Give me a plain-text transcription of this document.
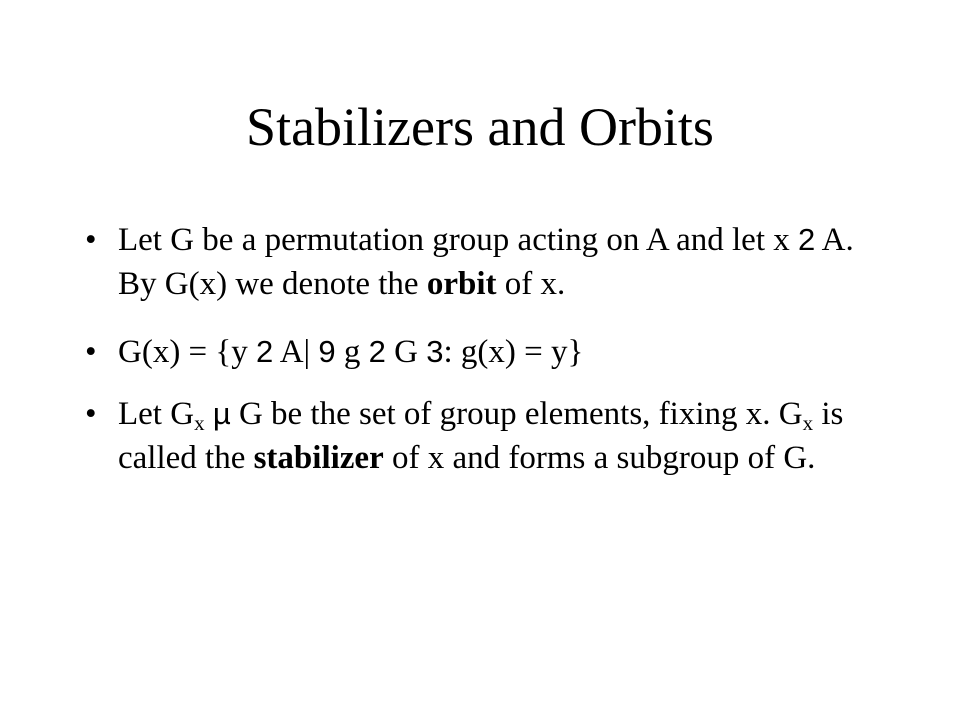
Stabilizers and Orbits
• Let G be a permutation group acting on A and let x 2 A. By G(x) we denote the orbit of x.
• G(x) = {y 2 A| 9 g 2 G 3: g(x) = y}
• Let $G_x$ µ G be the set of group elements, fixing x. $G_x$ is called the stabilizer of x and forms a subgroup of G.
